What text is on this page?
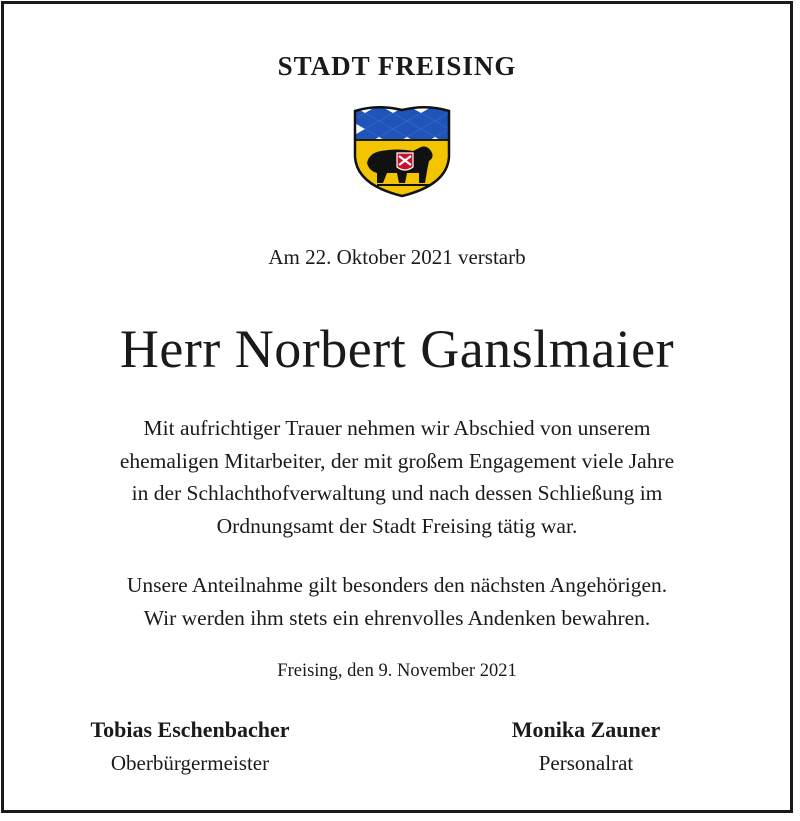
STADT FREISING
Am 22. Oktober 2021 verstarb
Herr Norbert Ganslmaier
Mit aufrichtiger Trauer nehmen wir Abschied von unserem
ehemaligen Mitarbeiter, der mit großem Engagement viele Jahre
in der Schlachthofverwaltung und nach dessen Schließung im
Ordnungsamt der Stadt Freising tätig war.
Unsere Anteilnahme gilt besonders den nächsten Angehörigen.
Wir werden ihm stets ein ehrenvolles Andenken bewahren.
Freising, den 9. November 2021
Tobias Eschenbacher
Oberbürgermeister
Monika Zauner
Personalrat
